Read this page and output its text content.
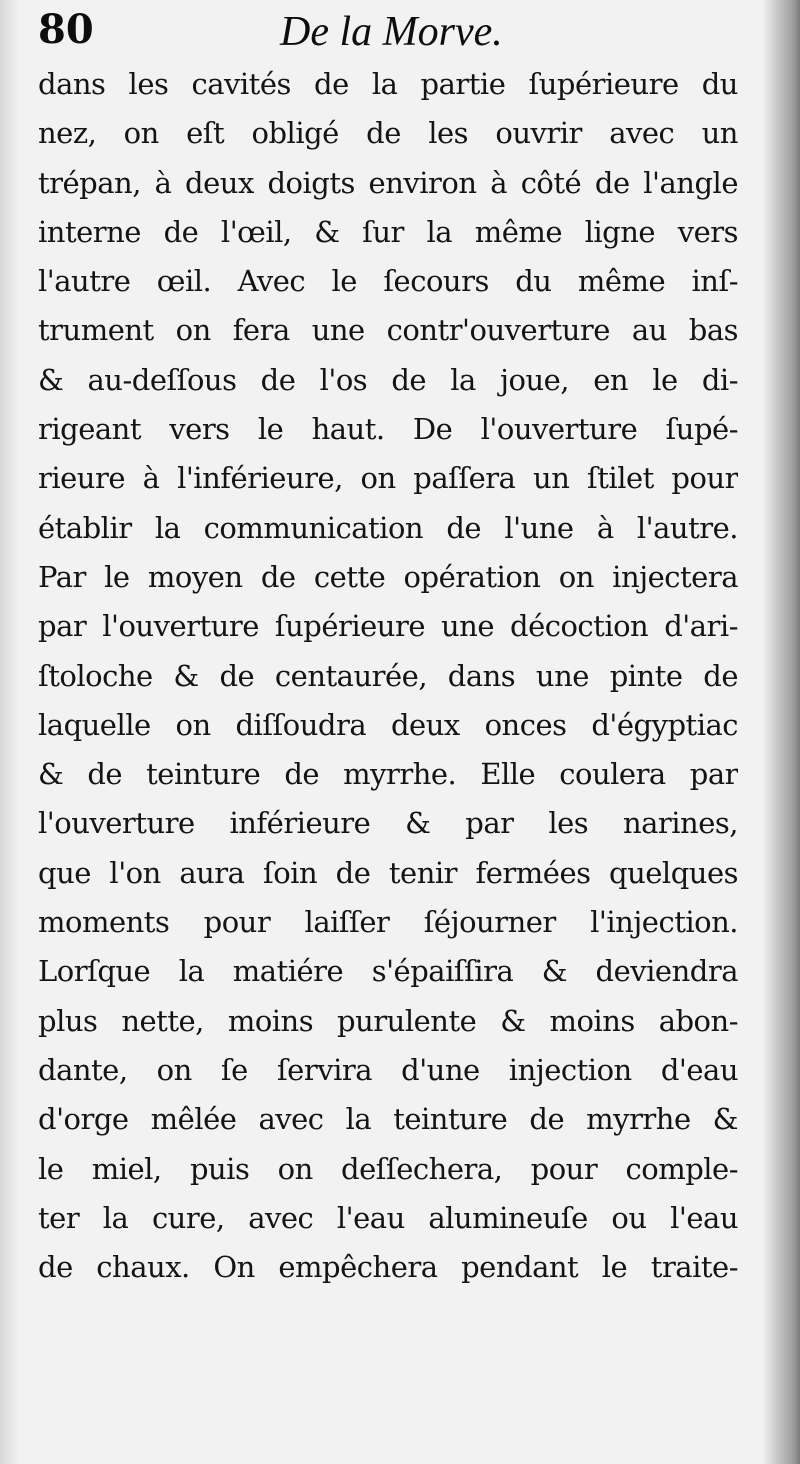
80	De la Morve.
dans les cavités de la partie ſupérieure du
nez, on eſt obligé de les ouvrir avec un
trépan, à deux doigts environ à côté de l'angle
interne de l'œil, & ſur la même ligne vers
l'autre œil. Avec le ſecours du même inſ-
trument on fera une contr'ouverture au bas
& au-deſſous de l'os de la joue, en le di-
rigeant vers le haut. De l'ouverture ſupé-
rieure à l'inférieure, on paſſera un ſtilet pour
établir la communication de l'une à l'autre.
Par le moyen de cette opération on injectera
par l'ouverture ſupérieure une décoction d'ari-
ſtoloche & de centaurée, dans une pinte de
laquelle on diſſoudra deux onces d'égyptiac
& de teinture de myrrhe. Elle coulera par
l'ouverture inférieure & par les narines,
que l'on aura ſoin de tenir fermées quelques
moments pour laiſſer ſéjourner l'injection.
Lorſque la matiére s'épaiſſira & deviendra
plus nette, moins purulente & moins abon-
dante, on ſe ſervira d'une injection d'eau
d'orge mêlée avec la teinture de myrrhe &
le miel, puis on deſſechera, pour comple-
ter la cure, avec l'eau alumineuſe ou l'eau
de chaux. On empêchera pendant le traite-
